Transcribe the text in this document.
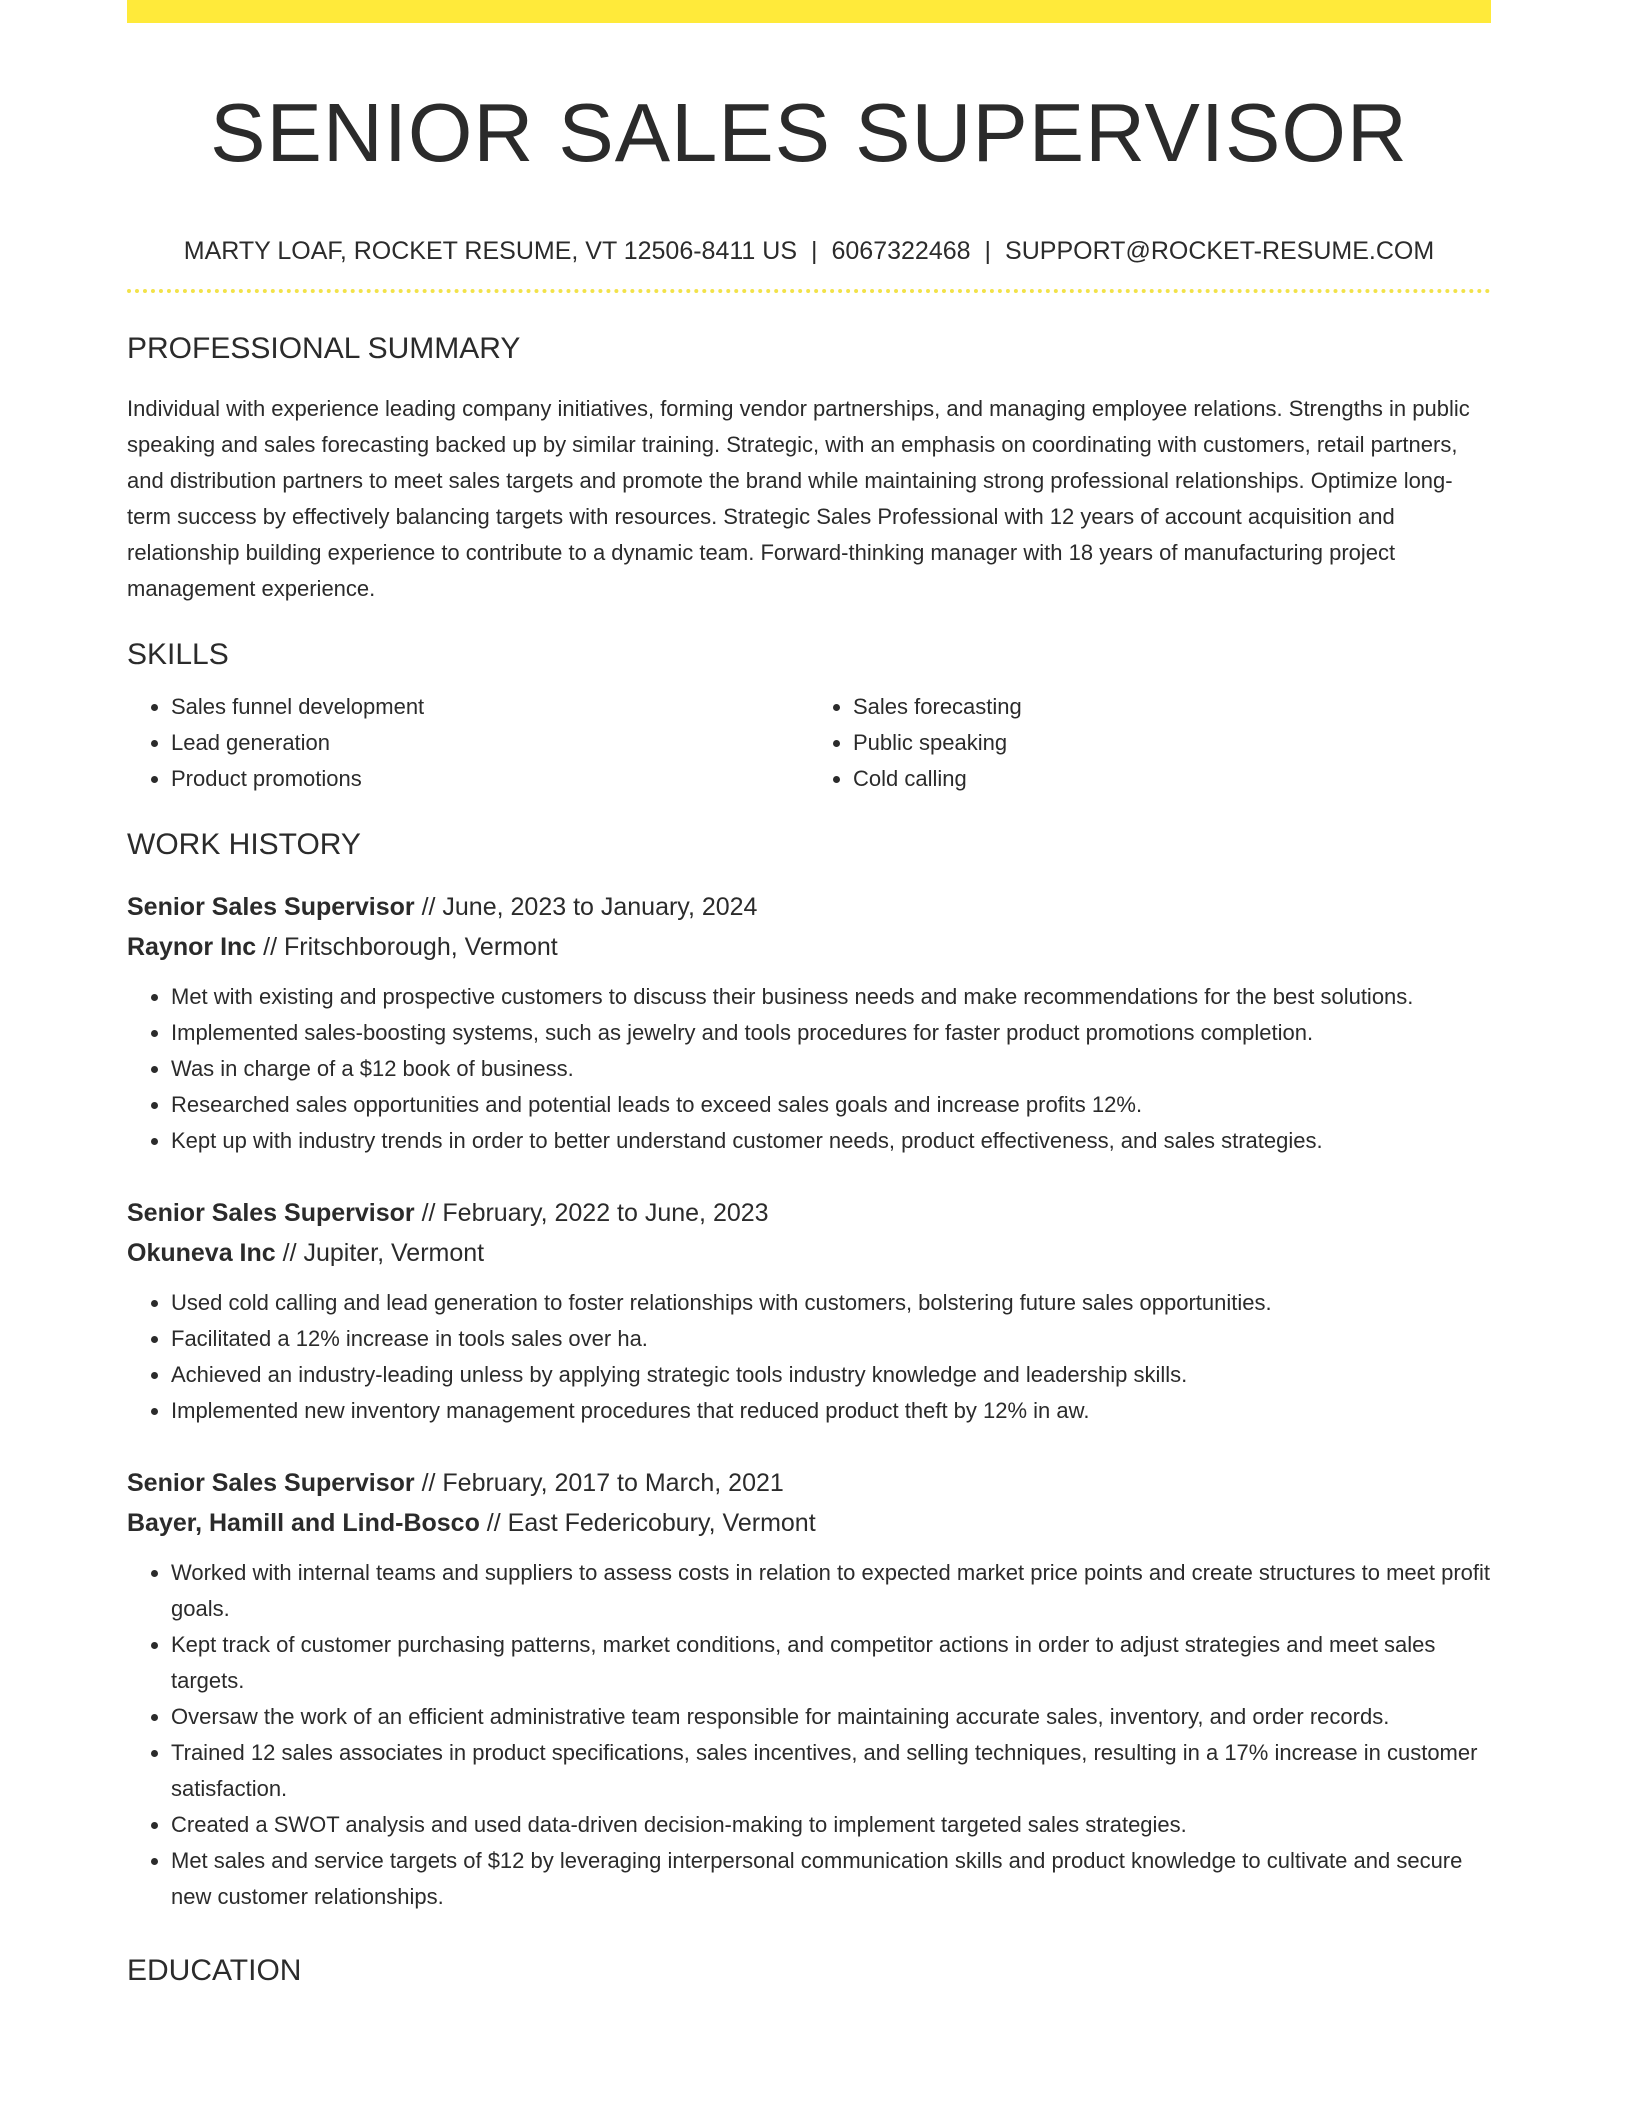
SENIOR SALES SUPERVISOR
MARTY LOAF, ROCKET RESUME, VT 12506-8411 US | 6067322468 | SUPPORT@ROCKET-RESUME.COM
PROFESSIONAL SUMMARY
Individual with experience leading company initiatives, forming vendor partnerships, and managing employee relations. Strengths in public speaking and sales forecasting backed up by similar training. Strategic, with an emphasis on coordinating with customers, retail partners, and distribution partners to meet sales targets and promote the brand while maintaining strong professional relationships. Optimize long-term success by effectively balancing targets with resources. Strategic Sales Professional with 12 years of account acquisition and relationship building experience to contribute to a dynamic team. Forward-thinking manager with 18 years of manufacturing project management experience.
SKILLS
• Sales funnel development
• Lead generation
• Product promotions
• Sales forecasting
• Public speaking
• Cold calling
WORK HISTORY
Senior Sales Supervisor // June, 2023 to January, 2024
Raynor Inc // Fritschborough, Vermont
• Met with existing and prospective customers to discuss their business needs and make recommendations for the best solutions.
• Implemented sales-boosting systems, such as jewelry and tools procedures for faster product promotions completion.
• Was in charge of a $12 book of business.
• Researched sales opportunities and potential leads to exceed sales goals and increase profits 12%.
• Kept up with industry trends in order to better understand customer needs, product effectiveness, and sales strategies.
Senior Sales Supervisor // February, 2022 to June, 2023
Okuneva Inc // Jupiter, Vermont
• Used cold calling and lead generation to foster relationships with customers, bolstering future sales opportunities.
• Facilitated a 12% increase in tools sales over ha.
• Achieved an industry-leading unless by applying strategic tools industry knowledge and leadership skills.
• Implemented new inventory management procedures that reduced product theft by 12% in aw.
Senior Sales Supervisor // February, 2017 to March, 2021
Bayer, Hamill and Lind-Bosco // East Federicobury, Vermont
• Worked with internal teams and suppliers to assess costs in relation to expected market price points and create structures to meet profit goals.
• Kept track of customer purchasing patterns, market conditions, and competitor actions in order to adjust strategies and meet sales targets.
• Oversaw the work of an efficient administrative team responsible for maintaining accurate sales, inventory, and order records.
• Trained 12 sales associates in product specifications, sales incentives, and selling techniques, resulting in a 17% increase in customer satisfaction.
• Created a SWOT analysis and used data-driven decision-making to implement targeted sales strategies.
• Met sales and service targets of $12 by leveraging interpersonal communication skills and product knowledge to cultivate and secure new customer relationships.
EDUCATION
